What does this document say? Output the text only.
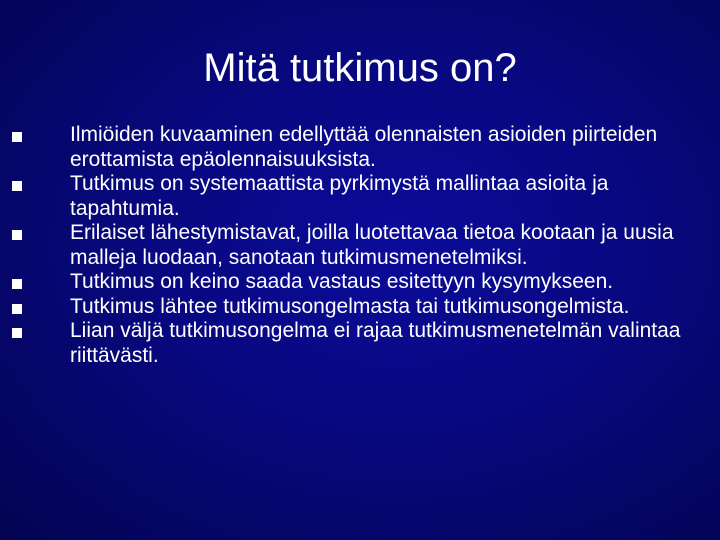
Mitä tutkimus on?
Ilmiöiden kuvaaminen edellyttää olennaisten asioiden piirteiden erottamista epäolennaisuuksista.
Tutkimus on systemaattista pyrkimystä mallintaa asioita ja tapahtumia.
Erilaiset lähestymistavat, joilla luotettavaa tietoa kootaan ja uusia malleja luodaan, sanotaan tutkimusmenetelmiksi.
Tutkimus on keino saada vastaus esitettyyn kysymykseen.
Tutkimus lähtee tutkimusongelmasta tai tutkimusongelmista.
Liian väljä tutkimusongelma ei rajaa tutkimusmenetelmän valintaa riittävästi.
